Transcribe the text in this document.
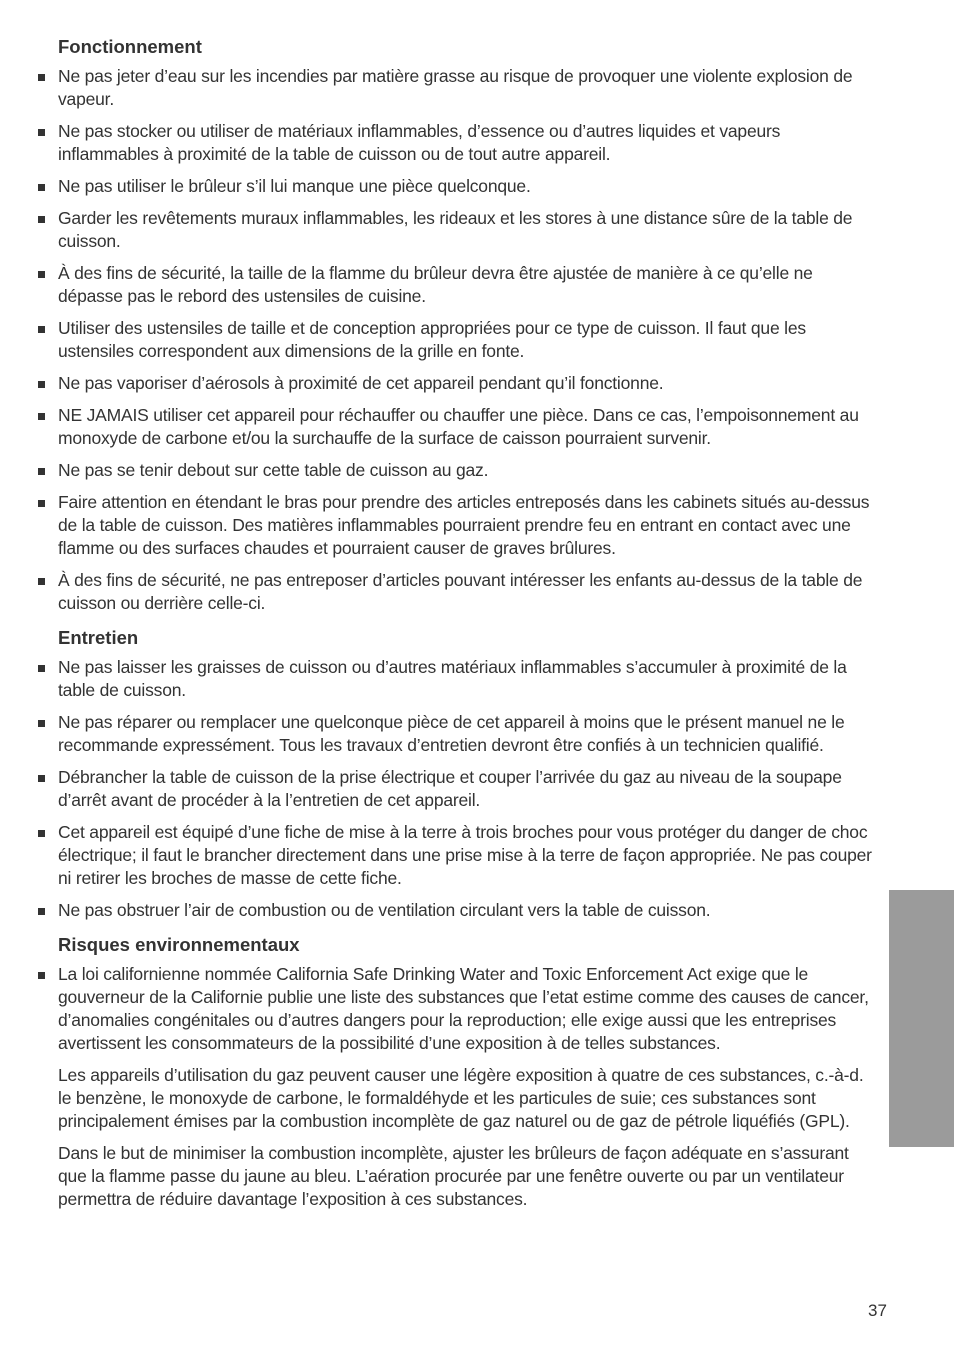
Fonctionnement
Ne pas jeter d’eau sur les incendies par matière grasse au risque de provoquer une violente explosion de vapeur.
Ne pas stocker ou utiliser de matériaux inflammables, d’essence ou d’autres liquides et vapeurs inflammables à proximité de la table de cuisson ou de tout autre appareil.
Ne pas utiliser le brûleur s’il lui manque une pièce quelconque.
Garder les revêtements muraux inflammables, les rideaux et les stores à une distance sûre de la table de cuisson.
À des fins de sécurité, la taille de la flamme du brûleur devra être ajustée de manière à ce qu’elle ne dépasse pas le rebord des ustensiles de cuisine.
Utiliser des ustensiles de taille et de conception appropriées pour ce type de cuisson. Il faut que les ustensiles correspondent aux dimensions de la grille en fonte.
Ne pas vaporiser d’aérosols à proximité de cet appareil pendant qu’il fonctionne.
NE JAMAIS utiliser cet appareil pour réchauffer ou chauffer une pièce. Dans ce cas, l’empoisonnement au monoxyde de carbone et/ou la surchauffe de la surface de caisson pourraient survenir.
Ne pas se tenir debout sur cette table de cuisson au gaz.
Faire attention en étendant le bras pour prendre des articles entreposés dans les cabinets situés au-dessus de la table de cuisson. Des matières inflammables pourraient prendre feu en entrant en contact avec une flamme ou des surfaces chaudes et pourraient causer de graves brûlures.
À des fins de sécurité, ne pas entreposer d’articles pouvant intéresser les enfants au-dessus de la table de cuisson ou derrière celle-ci.
Entretien
Ne pas laisser les graisses de cuisson ou d’autres matériaux inflammables s’accumuler à proximité de la table de cuisson.
Ne pas réparer ou remplacer une quelconque pièce de cet appareil à moins que le présent manuel ne le recommande expressément. Tous les travaux d’entretien devront être confiés à un technicien qualifié.
Débrancher la table de cuisson de la prise électrique et couper l’arrivée du gaz au niveau de la soupape d’arrêt avant de procéder à la l’entretien de cet appareil.
Cet appareil est équipé d’une fiche de mise à la terre à trois broches pour vous protéger du danger de choc électrique; il faut le brancher directement dans une prise mise à la terre de façon appropriée. Ne pas couper ni retirer les broches de masse de cette fiche.
Ne pas obstruer l’air de combustion ou de ventilation circulant vers la table de cuisson.
Risques environnementaux
La loi californienne nommée California Safe Drinking Water and Toxic Enforcement Act exige que le gouverneur de la Californie publie une liste des substances que l’etat estime comme des causes de cancer, d’anomalies congénitales ou d’autres dangers pour la reproduction; elle exige aussi que les entreprises avertissent les consommateurs de la possibilité d’une exposition à de telles substances.

Les appareils d’utilisation du gaz peuvent causer une légère exposition à quatre de ces substances, c.-à-d. le benzène, le monoxyde de carbone, le formaldéhyde et les particules de suie; ces substances sont principalement émises par la combustion incomplète de gaz naturel ou de gaz de pétrole liquéfiés (GPL).

Dans le but de minimiser la combustion incomplète, ajuster les brûleurs de façon adéquate en s’assurant que la flamme passe du jaune au bleu. L’aération procurée par une fenêtre ouverte ou par un ventilateur permettra de réduire davantage l’exposition à ces substances.

37
